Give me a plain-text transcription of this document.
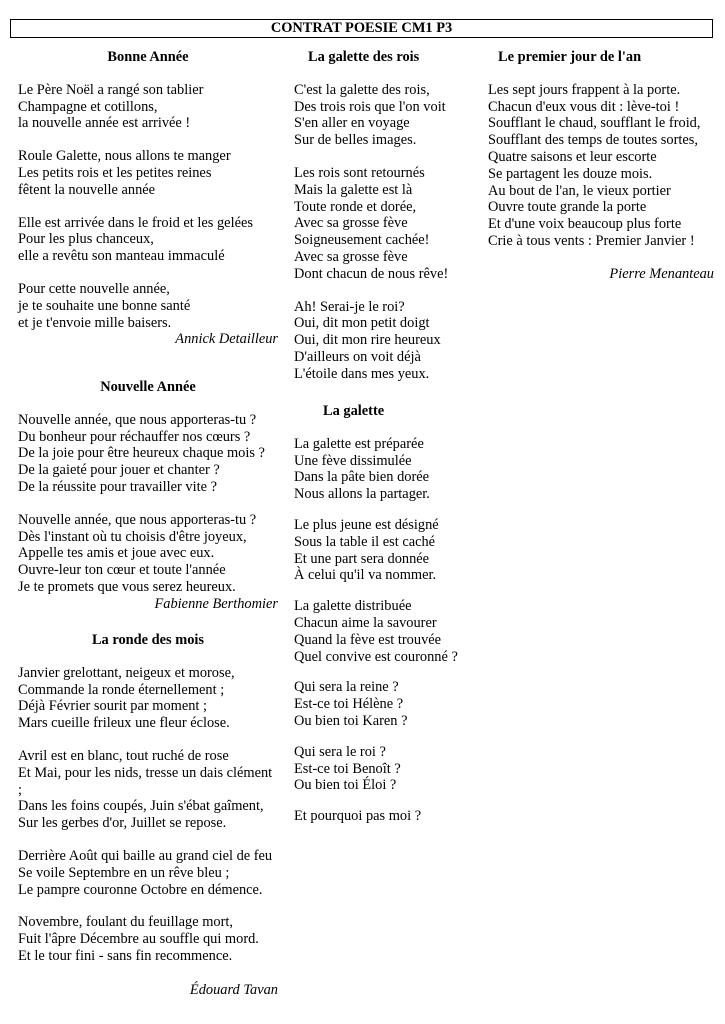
CONTRAT POESIE CM1 P3
Bonne Année
Le Père Noël a rangé son tablier
Champagne et cotillons,
la nouvelle année est arrivée !
Roule Galette, nous allons te manger
Les petits rois et les petites reines
fêtent la nouvelle année
Elle est arrivée dans le froid et les gelées
Pour les plus chanceux,
elle a revêtu son manteau immaculé
Pour cette nouvelle année,
je te souhaite une bonne santé
et je t'envoie mille baisers.
Annick Detailleur
Nouvelle Année
Nouvelle année, que nous apporteras-tu ?
Du bonheur pour réchauffer nos cœurs ?
De la joie pour être heureux chaque mois ?
De la gaieté pour jouer et chanter ?
De la réussite pour travailler vite ?
Nouvelle année, que nous apporteras-tu ?
Dès l'instant où tu choisis d'être joyeux,
Appelle tes amis et joue avec eux.
Ouvre-leur ton cœur et toute l'année
Je te promets que vous serez heureux.
Fabienne Berthomier
La ronde des mois
Janvier grelottant, neigeux et morose,
Commande la ronde éternellement ;
Déjà Février sourit par moment ;
Mars cueille frileux une fleur éclose.
Avril est en blanc, tout ruché de rose
Et Mai, pour les nids, tresse un dais clément
;
Dans les foins coupés, Juin s'ébat gaîment,
Sur les gerbes d'or, Juillet se repose.
Derrière Août qui baille au grand ciel de feu
Se voile Septembre en un rêve bleu ;
Le pampre couronne Octobre en démence.
Novembre, foulant du feuillage mort,
Fuit l'âpre Décembre au souffle qui mord.
Et le tour fini - sans fin recommence.
Édouard Tavan
La galette des rois
C'est la galette des rois,
Des trois rois que l'on voit
S'en aller en voyage
Sur de belles images.
Les rois sont retournés
Mais la galette est là
Toute ronde et dorée,
Avec sa grosse fève
Soigneusement cachée!
Avec sa grosse fève
Dont chacun de nous rêve!
Ah! Serai-je le roi?
Oui, dit mon petit doigt
Oui, dit mon rire heureux
D'ailleurs on voit déjà
L'étoile dans mes yeux.
La galette
La galette est préparée
Une fève dissimulée
Dans la pâte bien dorée
Nous allons la partager.
Le plus jeune est désigné
Sous la table il est caché
Et une part sera donnée
À celui qu'il va nommer.
La galette distribuée
Chacun aime la savourer
Quand la fève est trouvée
Quel convive est couronné ?
Qui sera la reine ?
Est-ce toi Hélène ?
Ou bien toi Karen ?
Qui sera le roi ?
Est-ce toi Benoît ?
Ou bien toi Éloi ?
Et pourquoi pas moi ?
Le premier jour de l'an
Les sept jours frappent à la porte.
Chacun d'eux vous dit : lève-toi !
Soufflant le chaud, soufflant le froid,
Soufflant des temps de toutes sortes,
Quatre saisons et leur escorte
Se partagent les douze mois.
Au bout de l'an, le vieux portier
Ouvre toute grande la porte
Et d'une voix beaucoup plus forte
Crie à tous vents : Premier Janvier !
Pierre Menanteau
